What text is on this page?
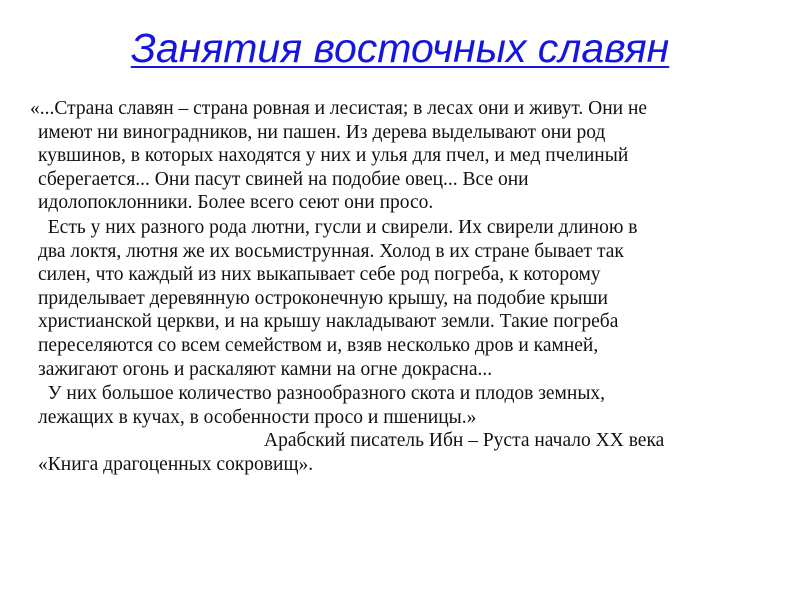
Занятия восточных славян
«...Страна славян – страна ровная и лесистая; в лесах они и живут. Они не
имеют ни виноградников, ни пашен. Из дерева выделывают они род
кувшинов, в которых находятся у них и улья для пчел, и мед пчелиный
сберегается... Они пасут свиней на подобие овец... Все они
идолопоклонники. Более всего сеют они просо.
Есть у них разного рода лютни, гусли и свирели. Их свирели длиною в
два локтя, лютня же их восьмиструнная. Холод в их стране бывает так
силен, что каждый из них выкапывает себе род погреба, к которому
приделывает деревянную остроконечную крышу, на подобие крыши
христианской церкви, и на крышу накладывают земли. Такие погреба
переселяются со всем семейством и, взяв несколько дров и камней,
зажигают огонь и раскаляют камни на огне докрасна...
У них большое количество разнообразного скота и плодов земных,
лежащих в кучах, в особенности просо и пшеницы.»
Арабский писатель Ибн – Руста начало XX века
«Книга драгоценных сокровищ».
